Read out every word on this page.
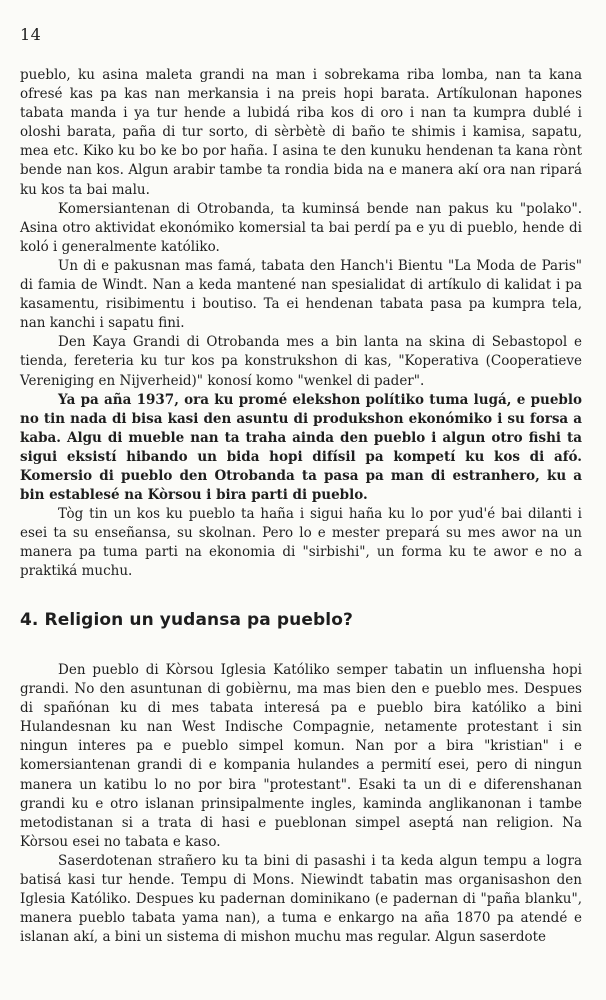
14

pueblo, ku asina maleta grandi na man i sobrekama riba lomba, nan ta kana ofresé kas pa kas nan merkansia i na preis hopi barata. Artíkulonan hapones tabata manda i ya tur hende a lubidá riba kos di oro i nan ta kumpra dublé i oloshi barata, paña di tur sorto, di sèrbètè di baño te shimis i kamisa, sapatu, mea etc. Kiko ku bo ke bo por haña. I asina te den kunuku hendenan ta kana rònt bende nan kos. Algun arabir tambe ta rondia bida na e manera akí ora nan ripará ku kos ta bai malu.

Komersiantenan di Otrobanda, ta kuminsá bende nan pakus ku "polako". Asina otro aktividat ekonómiko komersial ta bai perdí pa e yu di pueblo, hende di koló i generalmente katóliko.

Un di e pakusnan mas famá, tabata den Hanch'i Bientu "La Moda de Paris" di famia de Windt. Nan a keda mantené nan spesialidat di artíkulo di kalidat i pa kasamentu, risibimentu i boutiso. Ta ei hendenan tabata pasa pa kumpra tela, nan kanchi i sapatu fini.

Den Kaya Grandi di Otrobanda mes a bin lanta na skina di Sebastopol e tienda, fereteria ku tur kos pa konstrukshon di kas, "Koperativa (Cooperatieve Vereniging en Nijverheid)" konosí komo "wenkel di pader".

Ya pa aña 1937, ora ku promé elekshon polítiko tuma lugá, e pueblo no tin nada di bisa kasi den asuntu di produkshon ekonómiko i su forsa a kaba. Algu di mueble nan ta traha ainda den pueblo i algun otro fishi ta sigui eksistí hibando un bida hopi difísil pa kompetí ku kos di afó. Komersio di pueblo den Otrobanda ta pasa pa man di estranhero, ku a bin establesé na Kòrsou i bira parti di pueblo.

Tòg tin un kos ku pueblo ta haña i sigui haña ku lo por yud'é bai dilanti i esei ta su enseñansa, su skolnan. Pero lo e mester prepará su mes awor na un manera pa tuma parti na ekonomia di "sirbishi", un forma ku te awor e no a praktiká muchu.

4. Religion un yudansa pa pueblo?

Den pueblo di Kòrsou Iglesia Katóliko semper tabatin un influensha hopi grandi. No den asuntunan di gobièrnu, ma mas bien den e pueblo mes. Despues di spañónan ku di mes tabata interesá pa e pueblo bira katóliko a bini Hulandesnan ku nan West Indische Compagnie, netamente protestant i sin ningun interes pa e pueblo simpel komun. Nan por a bira "kristian" i e komersiantenan grandi di e kompania hulandes a permití esei, pero di ningun manera un katibu lo no por bira "protestant". Esaki ta un di e diferenshanan grandi ku e otro islanan prinsipalmente ingles, kaminda anglikanonan i tambe metodistanan si a trata di hasi e pueblonan simpel aseptá nan religion. Na Kòrsou esei no tabata e kaso.

Saserdotenan strañero ku ta bini di pasashi i ta keda algun tempu a logra batisá kasi tur hende. Tempu di Mons. Niewindt tabatin mas organisashon den Iglesia Katóliko. Despues ku padernan dominikano (e padernan di "paña blanku", manera pueblo tabata yama nan), a tuma e enkargo na aña 1870 pa atendé e islanan akí, a bini un sistema di mishon muchu mas regular. Algun saserdote
